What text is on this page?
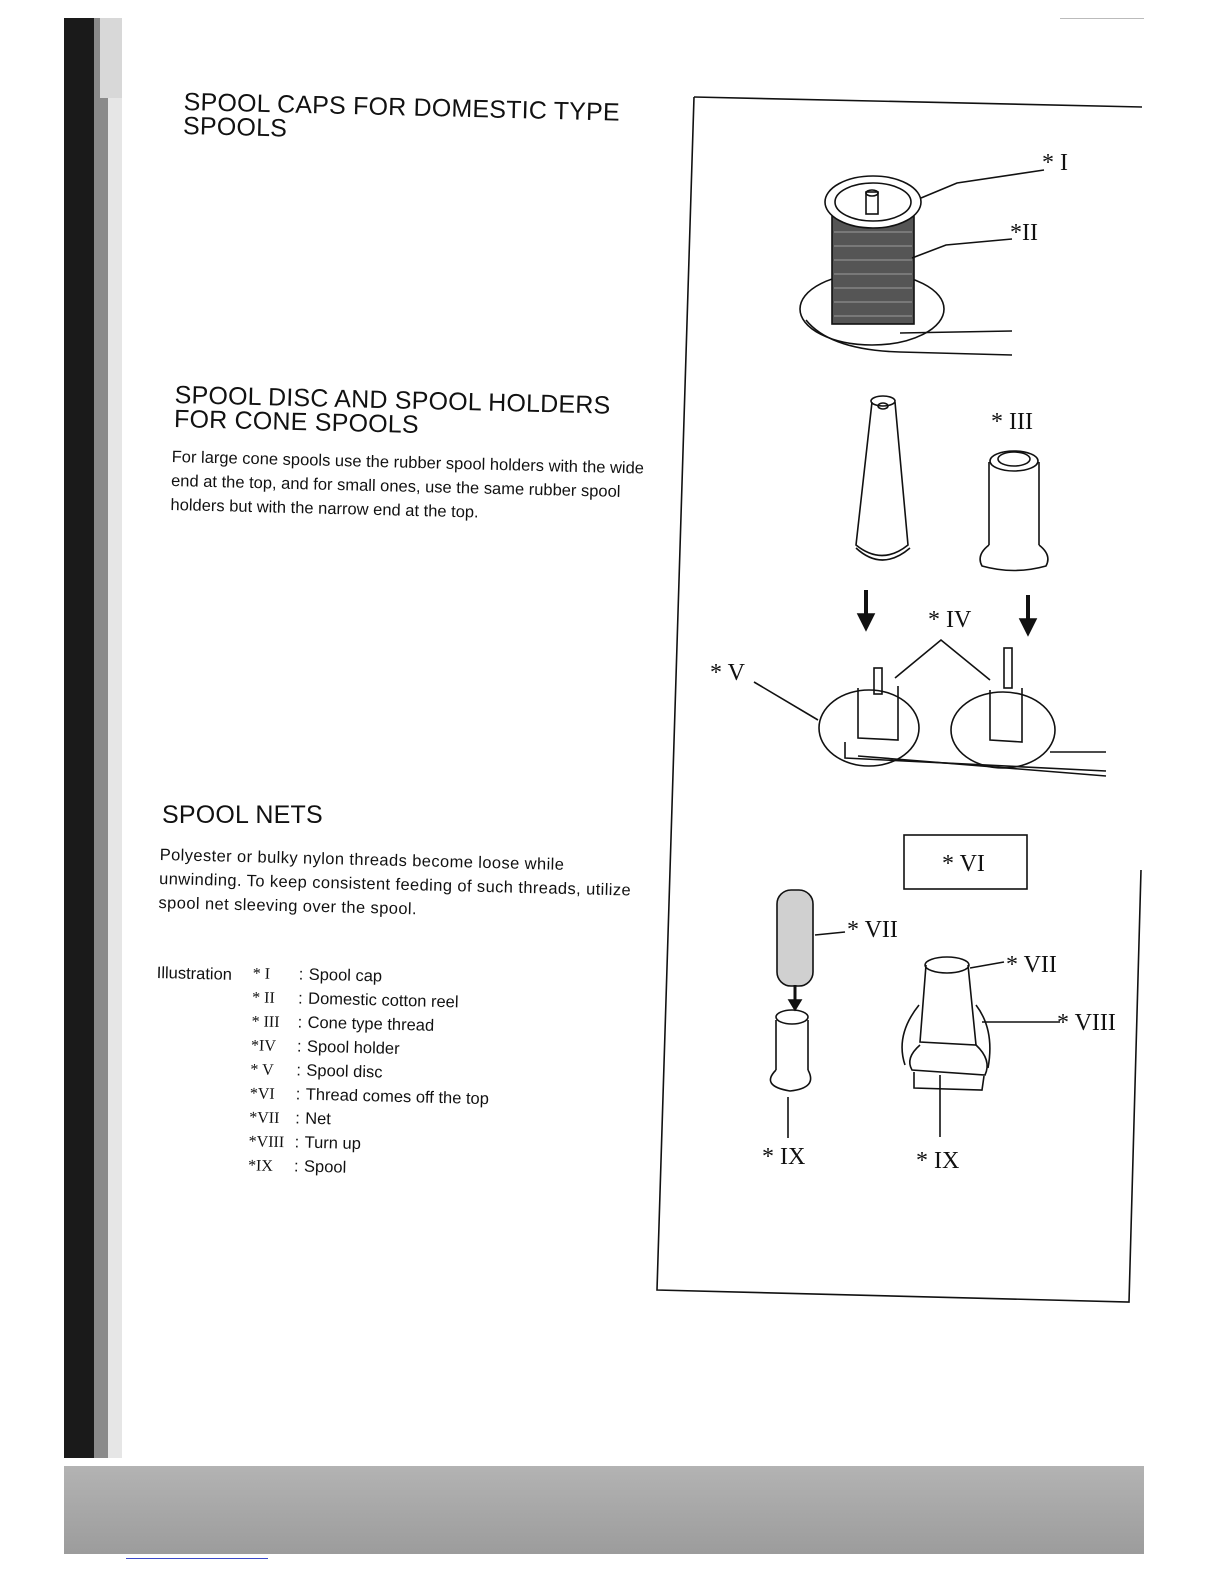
SPOOL CAPS FOR DOMESTIC TYPE
SPOOLS
SPOOL DISC AND SPOOL HOLDERS
FOR CONE SPOOLS

For large cone spools use the rubber spool holders with the wide end at the top, and for small ones, use the same rubber spool holders but with the narrow end at the top.

SPOOL NETS

Polyester or bulky nylon threads become loose while unwinding. To keep consistent feeding of such threads, utilize spool net sleeving over the spool.

Illustration * I	: Spool cap
* II	: Domestic cotton reel
* III	: Cone type thread
*IV	: Spool holder
* V	: Spool disc
*VI	: Thread comes off the top
*VII : Net
*VIII : Turn up
*IX	: Spool
* I
*II
* III
* IV
* V
* VI
* VII
* VII
* VIII
* IX	* IX
